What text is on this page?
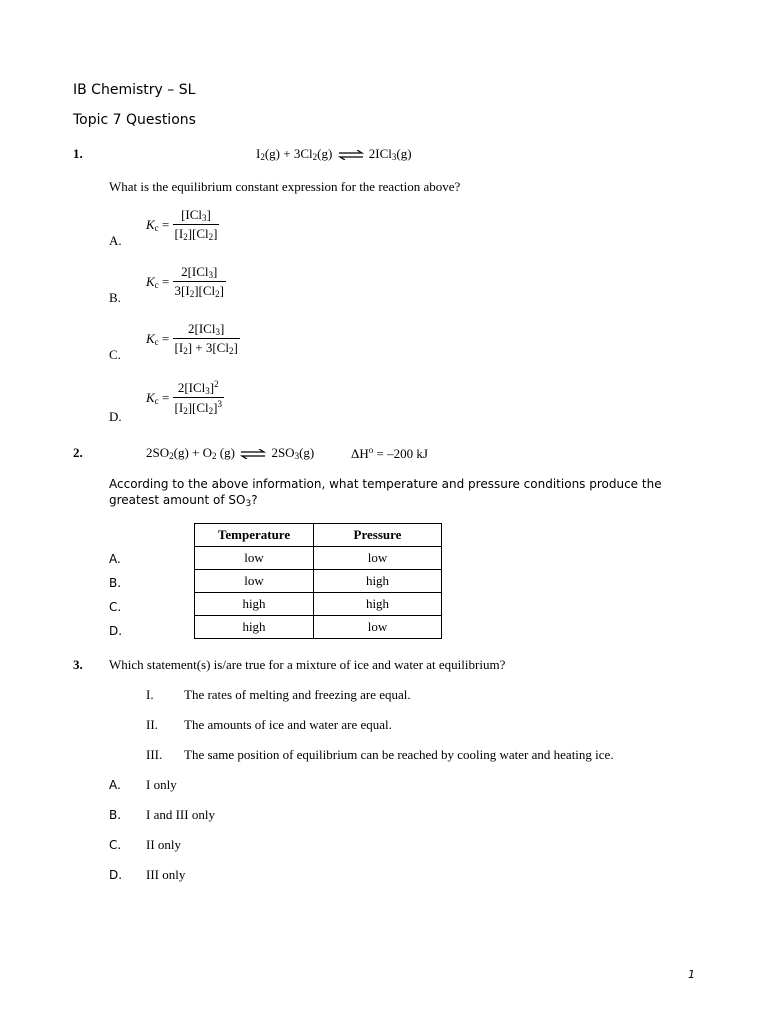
IB Chemistry – SL
Topic 7 Questions
1.	$I_2(g) + 3Cl_2(g)$ ⇌ 2ICl$_3$(g)
What is the equilibrium constant expression for the reaction above?
A.
$K_c = \frac{[ICl_3]}{[I_2][Cl_2]}$
B.
$K_c = \frac{2[ICl_3]}{3[I_2][Cl_2]}$
C.
$K_c = \frac{2[ICl_3]}{[I_2] + 3[Cl_2]}$
D.
$K_c = \frac{2[ICl_3]^2}{[I_2][Cl_2]^3}$
2.	$2SO_2(g) + O_2$ (g) ⇌ $2SO_3(g)$	$\Delta H^o = -200$ kJ
According to the above information, what temperature and pressure conditions produce the
greatest amount of $SO_3$?
A.
B.
C.
D.
Temperature	Pressure
low	low
low	high
high	high
high	low
3. Which statement(s) is/are true for a mixture of ice and water at equilibrium?
I. The rates of melting and freezing are equal.
II. The amounts of ice and water are equal.
III. The same position of equilibrium can be reached by cooling water and heating ice.
A. I only
B. I and III only
C. II only
D. III only
1
